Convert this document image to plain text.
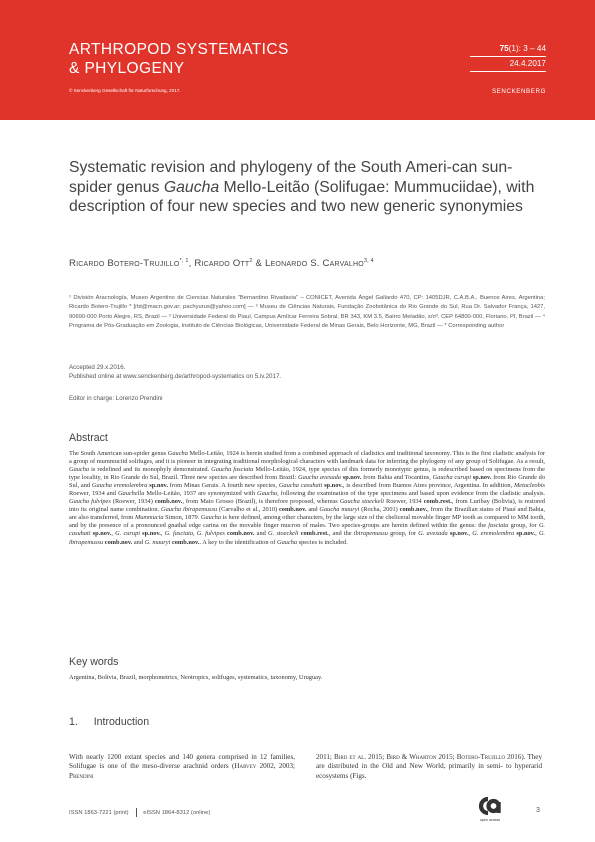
ARTHROPOD SYSTEMATICS
& PHYLOGENY
© Senckenberg Gesellschaft für Naturforschung, 2017.
75(1): 3 – 44
24.4.2017
SENCKENBERG
Systematic revision and phylogeny of the South Ameri-can sun-spider genus Gaucha Mello-Leitão (Solifugae: Mummuciidae), with description of four new species and two new generic synonymies
Ricardo Botero-Trujillo$^{*, 1}$, Ricardo Ott$^2$ & Leonardo S. Carvalho$^{3, 4}$
¹ División Aracnología, Museo Argentino de Ciencias Naturales “Bernardino Rivadavia” – CONICET, Avenida Ángel Gallardo 470, CP: 1405DJR, C.A.B.A., Buenos Aires, Argentina; Ricardo Botero-Trujillo * [rbt@macn.gov.ar; pachyurus@yahoo.com] — ² Museu de Ciências Naturais, Fundação Zoobotânica do Rio Grande do Sul, Rua Dr. Salvador França, 1427, 90690-000 Porto Alegre, RS, Brazil — ³ Universidade Federal do Piauí, Campus Amílcar Ferreira Sobral, BR 343, KM 3.5, Bairro Meladão, s/nº. CEP 64800-000, Floriano, PI, Brazil — ⁴ Programa de Pós-Graduação em Zoologia, Instituto de Ciências Biológicas, Universidade Federal de Minas Gerais, Belo Horizonte, MG, Brazil — * Corresponding author
Accepted 29.x.2016.
Published online at www.senckenberg.de/arthropod-systematics on 5.iv.2017.
Editor in charge: Lorenzo Prendini
Abstract
The South American sun-spider genus Gaucha Mello-Leitão, 1924 is herein studied from a combined approach of cladistics and traditional taxonomy. This is the first cladistic analysis for a group of mummuciid solifuges, and it is pioneer in integrating traditional morphological characters with landmark data for inferring the phylogeny of any group of Solifugae. As a result, Gaucha is redefined and its monophyly demonstrated. Gaucha fasciata Mello-Leitão, 1924, type species of this formerly monotypic genus, is redescribed based on specimens from the type locality, in Rio Grande do Sul, Brazil. Three new species are described from Brazil: Gaucha avexada sp.nov. from Bahia and Tocantins, Gaucha curupi sp.nov. from Rio Grande do Sul, and Gaucha eremolembra sp.nov. from Minas Gerais. A fourth new species, Gaucha casuhati sp.nov., is described from Buenos Aires province, Argentina. In addition, Metacleobis Roewer, 1934 and Gauchella Mello-Leitão, 1937 are synonymized with Gaucha, following the examination of the type specimens and based upon evidence from the cladistic analysis. Gaucha fulvipes (Roewer, 1934) comb.nov., from Mato Grosso (Brazil), is therefore proposed, whereas Gaucha stoeckeli Roewer, 1934 comb.rest., from Luribay (Bolivia), is restored into its original name combination. Gaucha ibirapemussu (Carvalho et al., 2010) comb.nov. and Gaucha mauryi (Rocha, 2001) comb.nov., from the Brazilian states of Piauí and Bahia, are also transferred, from Mummucia Simon, 1879. Gaucha is here defined, among other characters, by the large size of the cheliceral movable finger MP tooth as compared to MM tooth, and by the presence of a pronounced gnathal edge carina on the movable finger mucron of males. Two species-groups are herein defined within the genus: the fasciata group, for G. casuhati sp.nov., G. curupi sp.nov., G. fasciata, G. fulvipes comb.nov. and G. stoeckeli comb.rest., and the ibirapemussu group, for G. avexada sp.nov., G. eremolembra sp.nov., G. ibirapemussu comb.nov. and G. mauryi comb.nov.. A key to the identification of Gaucha species is included.
Key words
Argentina, Bolivia, Brazil, morphometrics, Neotropics, solifuges, systematics, taxonomy, Uruguay.
1.  Introduction
With nearly 1200 extant species and 140 genera comprised in 12 families, Solifugae is one of the meso-diverse arachnid orders (Harvey 2002, 2003; Prendini
2011; Bird et al. 2015; Bird & Wharton 2015; Botero-Trujillo 2016). They are distributed in the Old and New World, primarily in semi- to hyperarid ecosystems (Figs.
ISSN 1863-7221 (print)	eISSN 1864-8312 (online)
open access
3
